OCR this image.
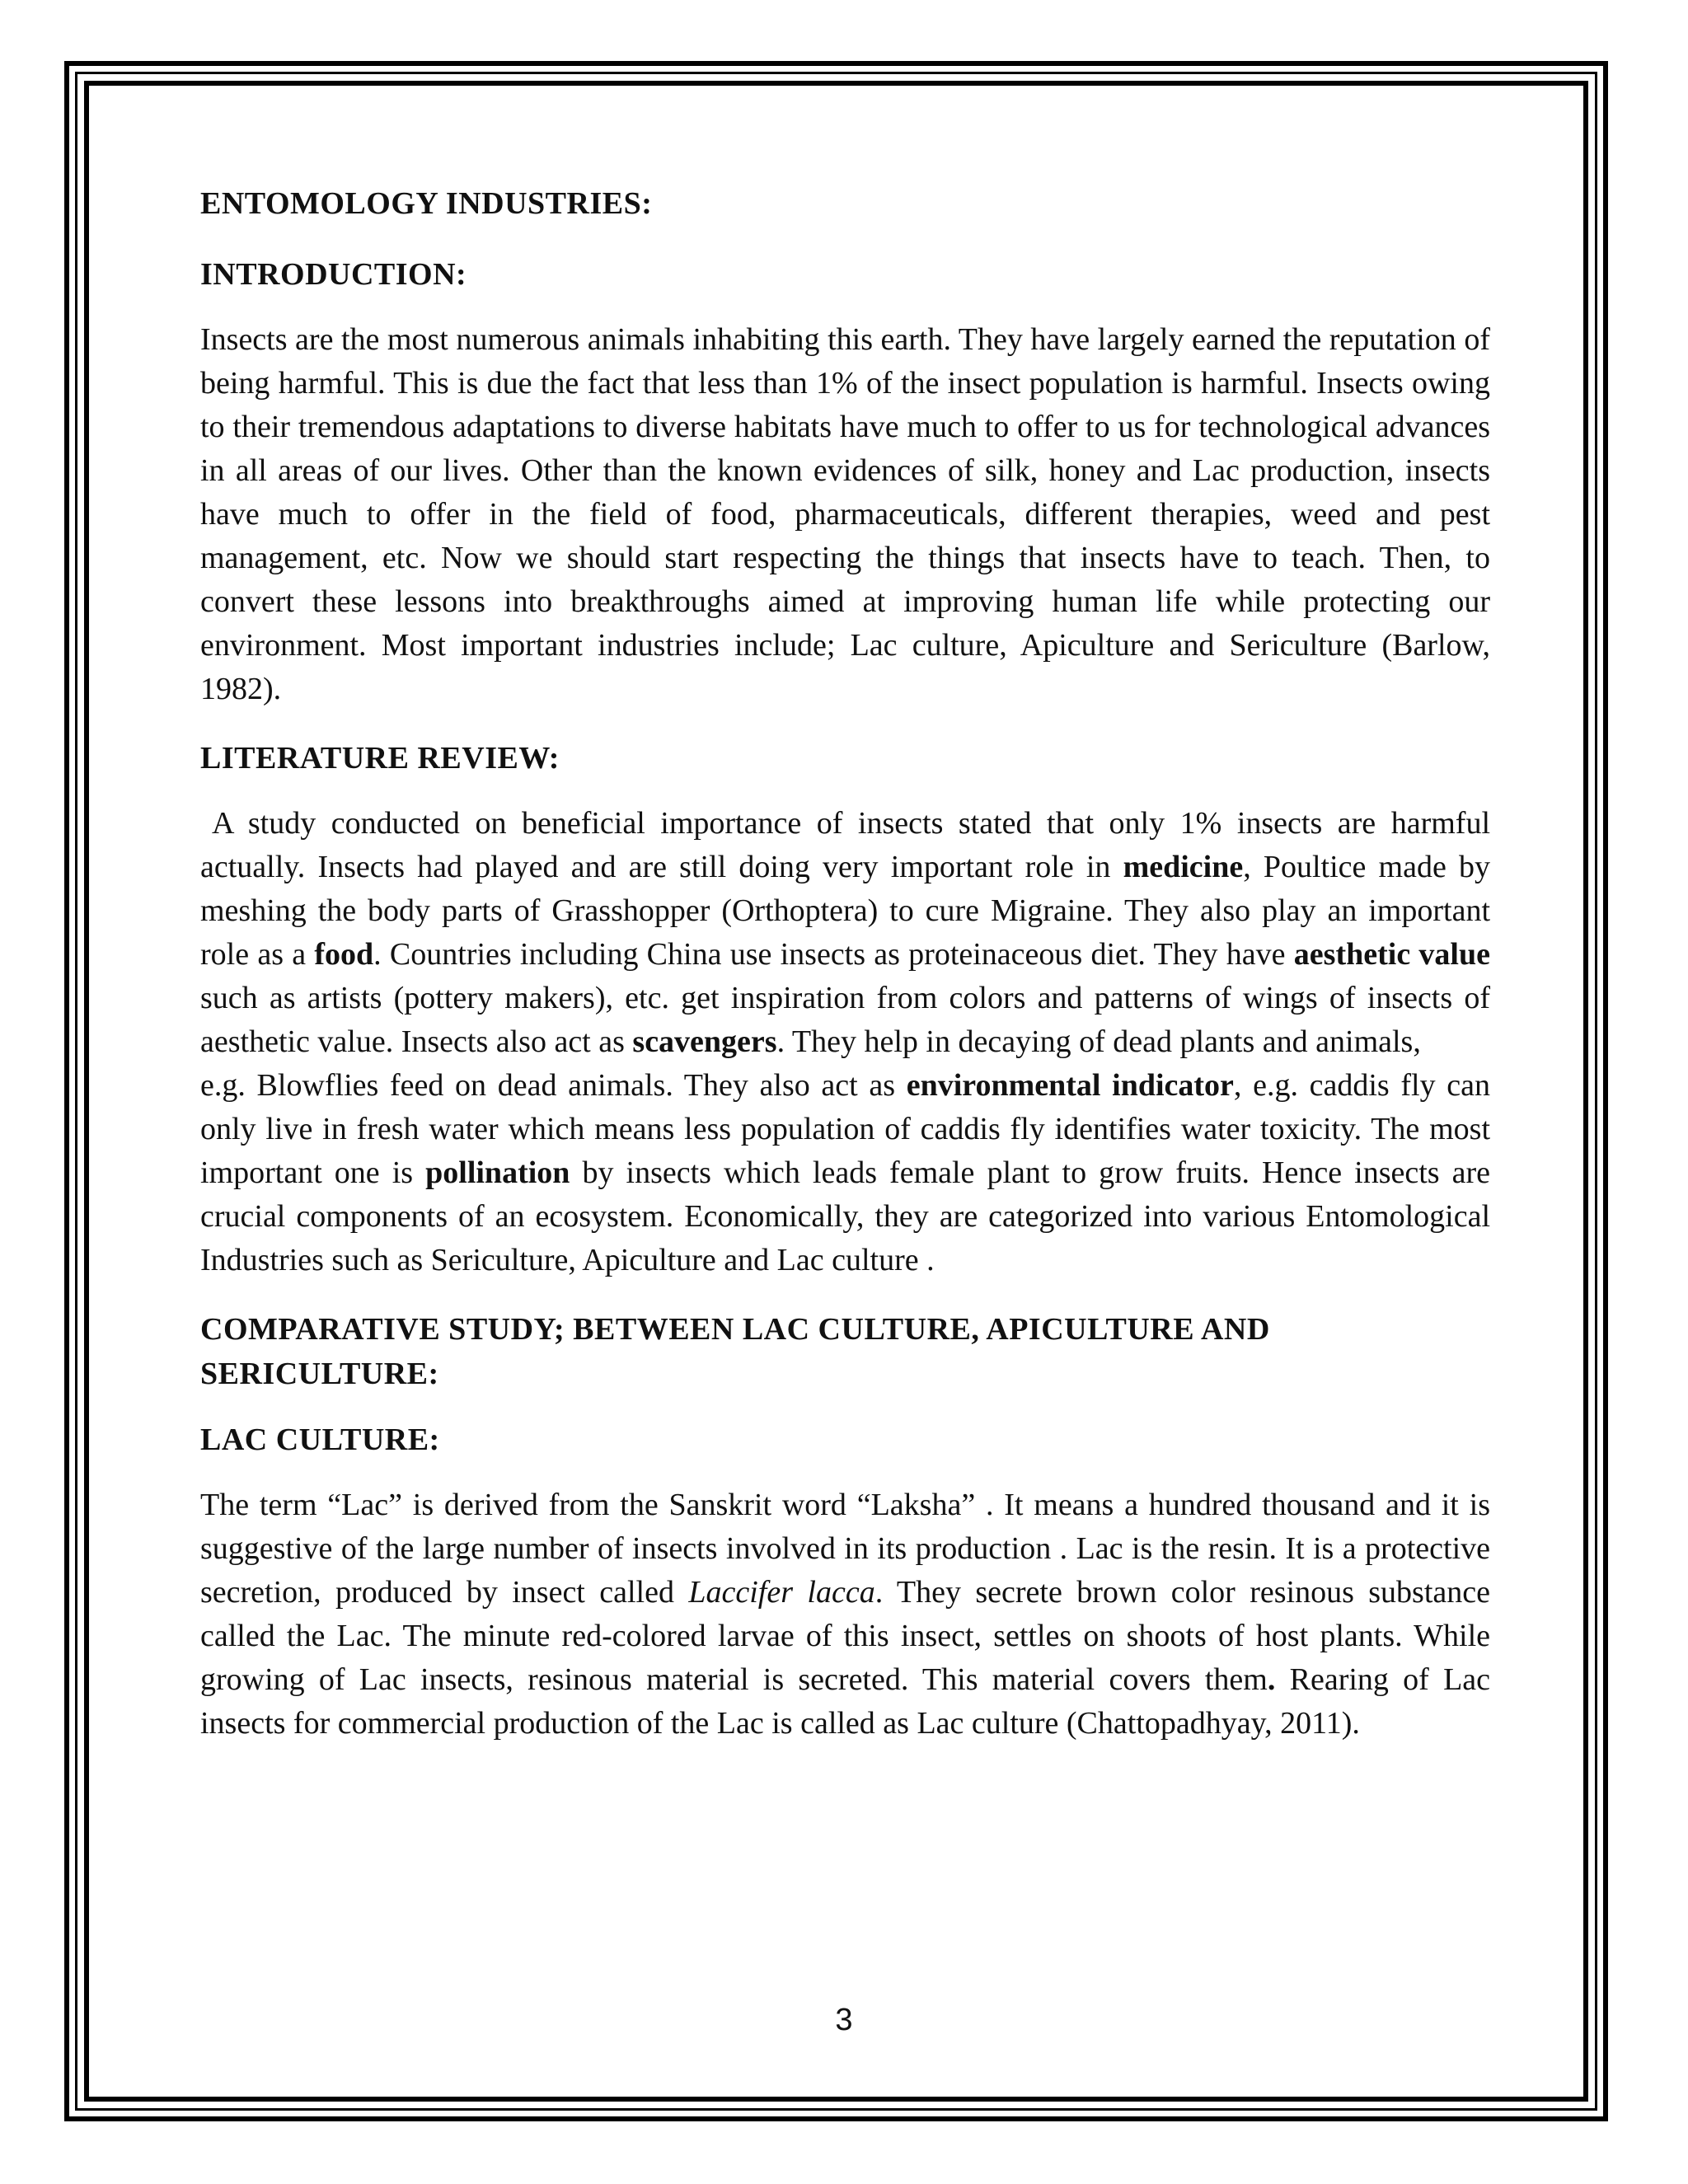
ENTOMOLOGY INDUSTRIES:
INTRODUCTION:

Insects are the most numerous animals inhabiting this earth. They have largely earned the reputation of being harmful. This is due the fact that less than 1% of the insect population is harmful. Insects owing to their tremendous adaptations to diverse habitats have much to offer to us for technological advances in all areas of our lives. Other than the known evidences of silk, honey and Lac production, insects have much to offer in the field of food, pharmaceuticals, different therapies, weed and pest management, etc. Now we should start respecting the things that insects have to teach. Then, to convert these lessons into breakthroughs aimed at improving human life while protecting our environment. Most important industries include; Lac culture, Apiculture and Sericulture (Barlow, 1982).

LITERATURE REVIEW:

A study conducted on beneficial importance of insects stated that only 1% insects are harmful actually. Insects had played and are still doing very important role in medicine, Poultice made by meshing the body parts of Grasshopper (Orthoptera) to cure Migraine. They also play an important role as a food. Countries including China use insects as proteinaceous diet. They have aesthetic value such as artists (pottery makers), etc. get inspiration from colors and patterns of wings of insects of aesthetic value. Insects also act as scavengers. They help in decaying of dead plants and animals,
e.g. Blowflies feed on dead animals. They also act as environmental indicator, e.g. caddis fly can only live in fresh water which means less population of caddis fly identifies water toxicity. The most important one is pollination by insects which leads female plant to grow fruits. Hence insects are crucial components of an ecosystem. Economically, they are categorized into various Entomological Industries such as Sericulture, Apiculture and Lac culture .

COMPARATIVE STUDY; BETWEEN LAC CULTURE, APICULTURE AND
SERICULTURE:
LAC CULTURE:

The term “Lac” is derived from the Sanskrit word “Laksha” . It means a hundred thousand and it is suggestive of the large number of insects involved in its production . Lac is the resin. It is a protective secretion, produced by insect called Laccifer lacca. They secrete brown color resinous substance called the Lac. The minute red-colored larvae of this insect, settles on shoots of host plants. While growing of Lac insects, resinous material is secreted. This material covers them. Rearing of Lac insects for commercial production of the Lac is called as Lac culture (Chattopadhyay, 2011).

3
